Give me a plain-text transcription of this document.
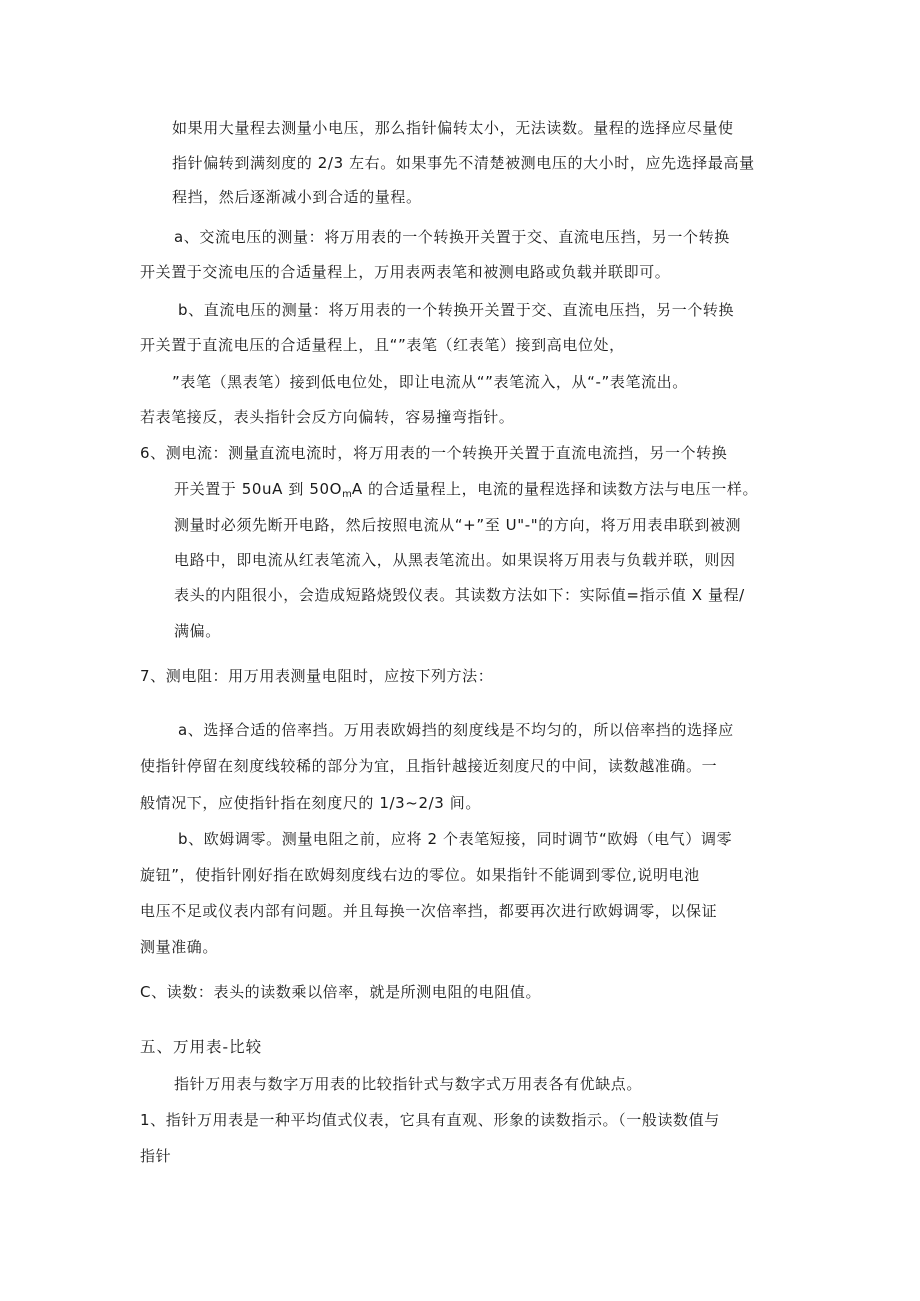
如果用大量程去测量小电压，那么指针偏转太小，无法读数。量程的选择应尽量使
指针偏转到满刻度的 2/3 左右。如果事先不清楚被测电压的大小时，应先选择最高量
程挡，然后逐渐减小到合适的量程。
a、交流电压的测量：将万用表的一个转换开关置于交、直流电压挡，另一个转换
开关置于交流电压的合适量程上，万用表两表笔和被测电路或负载并联即可。
b、直流电压的测量：将万用表的一个转换开关置于交、直流电压挡，另一个转换
开关置于直流电压的合适量程上，且“”表笔（红表笔）接到高电位处，
”表笔（黑表笔）接到低电位处，即让电流从“”表笔流入，从“-”表笔流出。
若表笔接反，表头指针会反方向偏转，容易撞弯指针。
6、测电流：测量直流电流时，将万用表的一个转换开关置于直流电流挡，另一个转换
开关置于 50uA 到 $50O_mA$ 的合适量程上，电流的量程选择和读数方法与电压一样。
测量时必须先断开电路，然后按照电流从“+”至 U"-"的方向，将万用表串联到被测
电路中，即电流从红表笔流入，从黑表笔流出。如果误将万用表与负载并联，则因
表头的内阻很小，会造成短路烧毁仪表。其读数方法如下：实际值=指示值 X 量程/
满偏。
7、测电阻：用万用表测量电阻时，应按下列方法：
a、选择合适的倍率挡。万用表欧姆挡的刻度线是不均匀的，所以倍率挡的选择应
使指针停留在刻度线较稀的部分为宜，且指针越接近刻度尺的中间，读数越准确。一
般情况下，应使指针指在刻度尺的 1/3~2/3 间。
b、欧姆调零。测量电阻之前，应将 2 个表笔短接，同时调节“欧姆（电气）调零
旋钮”，使指针刚好指在欧姆刻度线右边的零位。如果指针不能调到零位,说明电池
电压不足或仪表内部有问题。并且每换一次倍率挡，都要再次进行欧姆调零，以保证
测量准确。
C、读数：表头的读数乘以倍率，就是所测电阻的电阻值。
五、万用表-比较
指针万用表与数字万用表的比较指针式与数字式万用表各有优缺点。
1、指针万用表是一种平均值式仪表，它具有直观、形象的读数指示。（一般读数值与
指针
